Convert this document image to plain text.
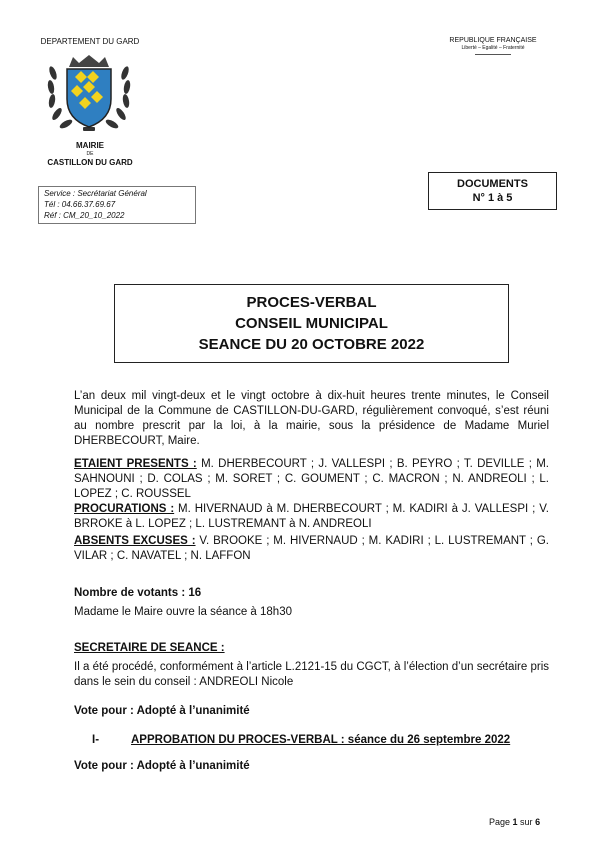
DEPARTEMENT DU GARD
MAIRIE
DE
CASTILLON DU GARD
REPUBLIQUE FRANÇAISE
Liberté – Egalité – Fraternité
Service : Secrétariat Général
Tél : 04.66.37.69.67
Réf : CM_20_10_2022
DOCUMENTS
N° 1 à 5
PROCES-VERBAL
CONSEIL MUNICIPAL
SEANCE DU 20 OCTOBRE 2022
L’an deux mil vingt-deux et le vingt octobre à dix-huit heures trente minutes, le Conseil Municipal de la Commune de CASTILLON-DU-GARD, régulièrement convoqué, s’est réuni au nombre prescrit par la loi, à la mairie, sous la présidence de Madame Muriel DHERBECOURT, Maire.
ETAIENT PRESENTS : M. DHERBECOURT ; J. VALLESPI ; B. PEYRO ; T. DEVILLE ; M. SAHNOUNI ; D. COLAS ; M. SORET ; C. GOUMENT ; C. MACRON ; N. ANDREOLI ; L. LOPEZ ; C. ROUSSEL
PROCURATIONS : M. HIVERNAUD à M. DHERBECOURT ; M. KADIRI à J. VALLESPI ; V. BRROKE à L. LOPEZ ; L. LUSTREMANT à N. ANDREOLI
ABSENTS EXCUSES : V. BROOKE ; M. HIVERNAUD ; M. KADIRI ; L. LUSTREMANT ; G. VILAR ; C. NAVATEL ; N. LAFFON
Nombre de votants : 16
Madame le Maire ouvre la séance à 18h30
SECRETAIRE DE SEANCE :
Il a été procédé, conformément à l’article L.2121-15 du CGCT, à l’élection d’un secrétaire pris dans le sein du conseil : ANDREOLI Nicole
Vote pour : Adopté à l’unanimité
I-	APPROBATION DU PROCES-VERBAL : séance du 26 septembre 2022
Vote pour : Adopté à l’unanimité
Page 1 sur 6
